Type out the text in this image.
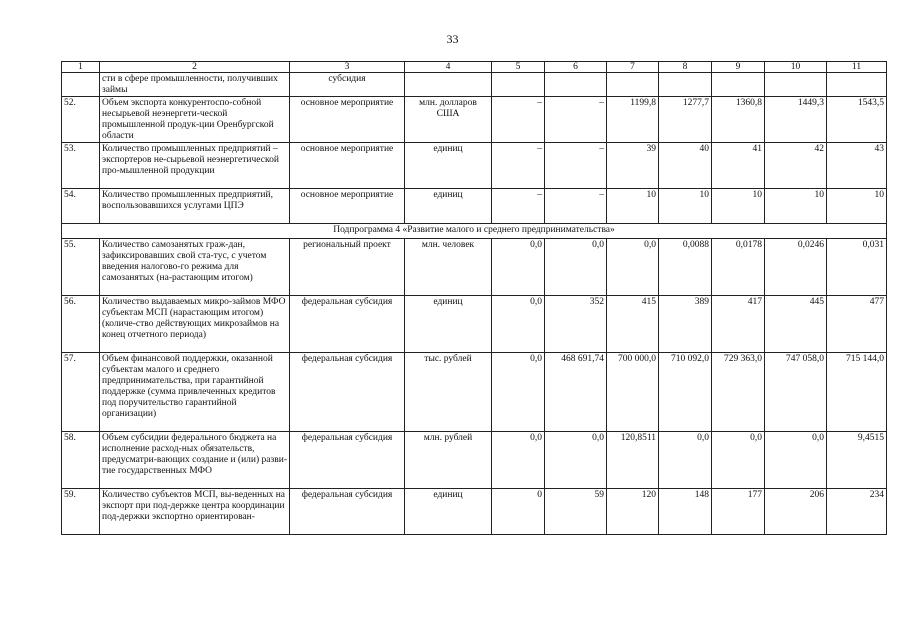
33
1	2	3	4	5	6	7	8	9	10	11
	сти в сфере промышленности, получивших займы	субсидия								
52.	Объем экспорта конкурентоспо-собной несырьевой неэнергети-ческой промышленной продук-ции Оренбургской области	основное мероприятие	млн. долларов США	–	–	1199,8	1277,7	1360,8	1449,3	1543,5
53.	Количество промышленных предприятий – экспортеров не-сырьевой неэнергетической про-мышленной продукции	основное мероприятие	единиц	–	–	39	40	41	42	43
54.	Количество промышленных предприятий, воспользовавшихся услугами ЦПЭ	основное мероприятие	единиц	–	–	10	10	10	10	10
Подпрограмма 4 «Развитие малого и среднего предпринимательства»										
55.	Количество самозанятых граж-дан, зафиксировавших свой ста-тус, с учетом введения налогово-го режима для самозанятых (на-растающим итогом)	региональный проект	млн. человек	0,0	0,0	0,0	0,0088	0,0178	0,0246	0,031
56.	Количество выдаваемых микро-займов МФО субъектам МСП (нарастающим итогом) (количе-ство действующих микрозаймов на конец отчетного периода)	федеральная субсидия	единиц	0,0	352	415	389	417	445	477
57.	Объем финансовой поддержки, оказанной субъектам малого и среднего предпринимательства, при гарантийной поддержке (сумма привлеченных кредитов под поручительство гарантийной организации)	федеральная субсидия	тыс. рублей	0,0	468 691,74	700 000,0	710 092,0	729 363,0	747 058,0	715 144,0
58.	Объем субсидии федерального бюджета на исполнение расход-ных обязательств, предусматри-вающих создание и (или) разви-тие государственных МФО	федеральная субсидия	млн. рублей	0,0	0,0	120,8511	0,0	0,0	0,0	9,4515
59.	Количество субъектов МСП, вы-веденных на экспорт при под-держке центра координации под-держки экспортно ориентирован-	федеральная субсидия	единиц	0	59	120	148	177	206	234
